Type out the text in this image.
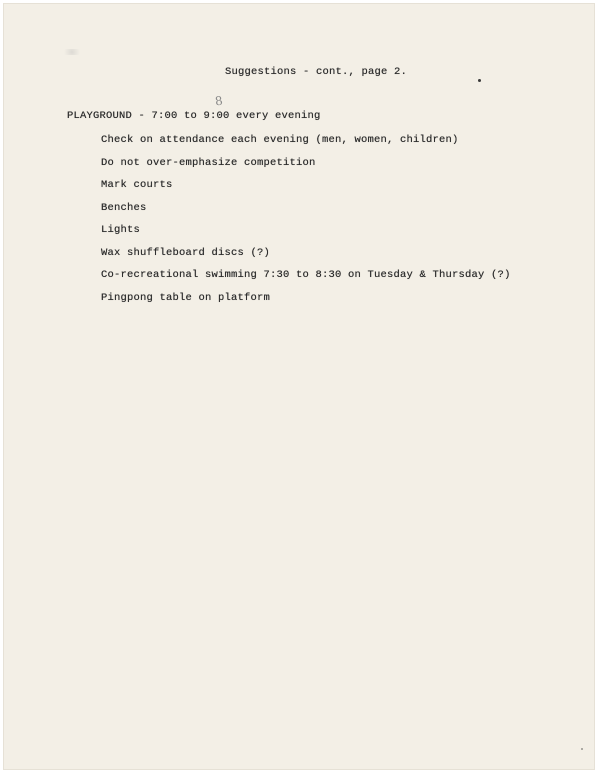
Suggestions - cont., page 2.
8
PLAYGROUND - 7:00 to 9:00 every evening
Check on attendance each evening (men, women, children)
Do not over-emphasize competition
Mark courts
Benches
Lights
Wax shuffleboard discs (?)
Co-recreational swimming 7:30 to 8:30 on Tuesday & Thursday (?)
Pingpong table on platform
